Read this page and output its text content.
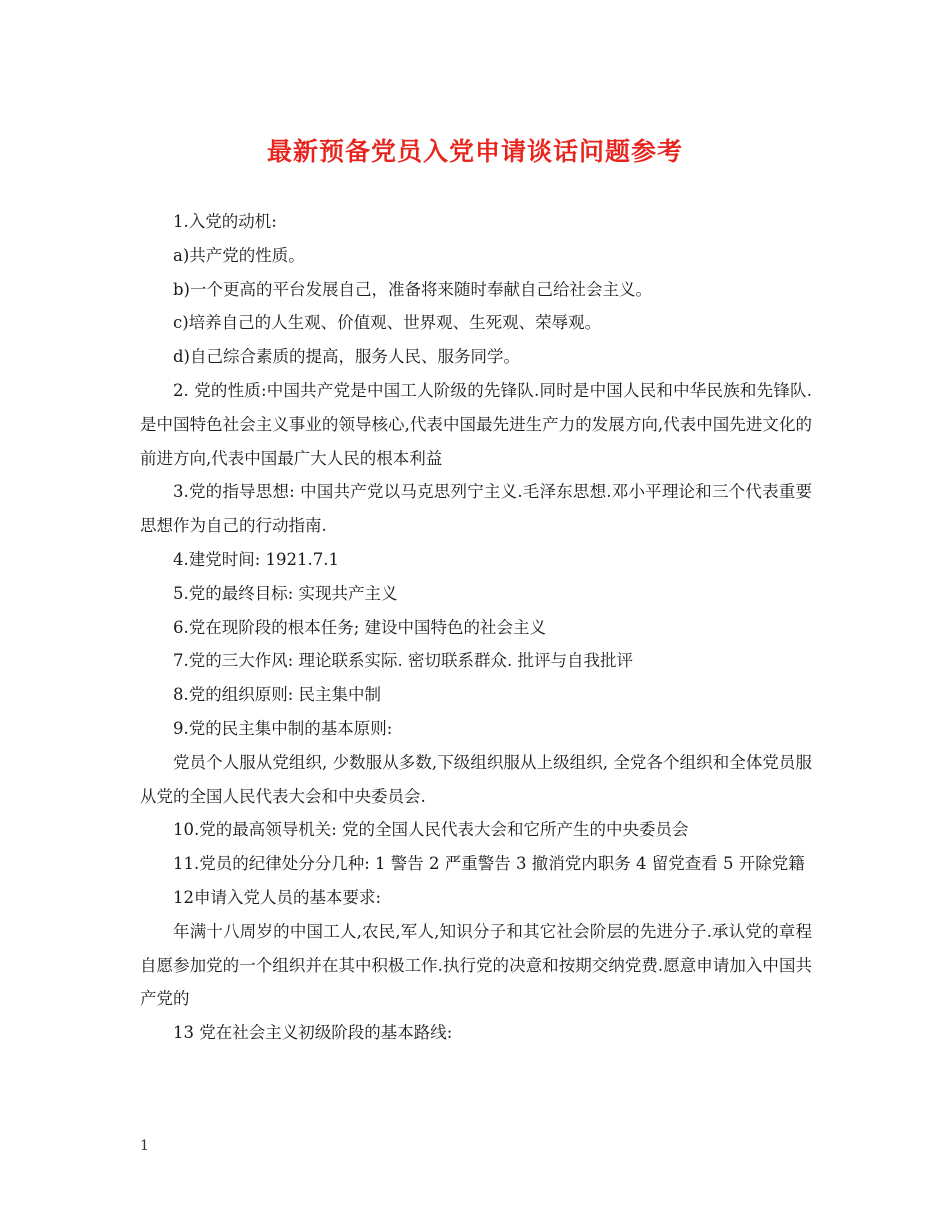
最新预备党员入党申请谈话问题参考

1.入党的动机:

a)共产党的性质。

b)一个更高的平台发展自己，准备将来随时奉献自己给社会主义。

c)培养自己的人生观、价值观、世界观、生死观、荣辱观。

d)自己综合素质的提高，服务人民、服务同学。

2. 党的性质:中国共产党是中国工人阶级的先锋队.同时是中国人民和中华民族和先锋队.是中国特色社会主义事业的领导核心,代表中国最先进生产力的发展方向,代表中国先进文化的前进方向,代表中国最广大人民的根本利益

3.党的指导思想: 中国共产党以马克思列宁主义.毛泽东思想.邓小平理论和三个代表重要思想作为自己的行动指南.

4.建党时间: 1921.7.1

5.党的最终目标: 实现共产主义

6.党在现阶段的根本任务; 建设中国特色的社会主义

7.党的三大作风: 理论联系实际. 密切联系群众. 批评与自我批评

8.党的组织原则: 民主集中制

9.党的民主集中制的基本原则:

党员个人服从党组织, 少数服从多数,下级组织服从上级组织, 全党各个组织和全体党员服从党的全国人民代表大会和中央委员会.

10.党的最高领导机关: 党的全国人民代表大会和它所产生的中央委员会

11.党员的纪律处分分几种: 1 警告 2 严重警告 3 撤消党内职务 4 留党查看 5 开除党籍

12申请入党人员的基本要求:

年满十八周岁的中国工人,农民,军人,知识分子和其它社会阶层的先进分子.承认党的章程自愿参加党的一个组织并在其中积极工作.执行党的决意和按期交纳党费.愿意申请加入中国共产党的

13 党在社会主义初级阶段的基本路线:

1
